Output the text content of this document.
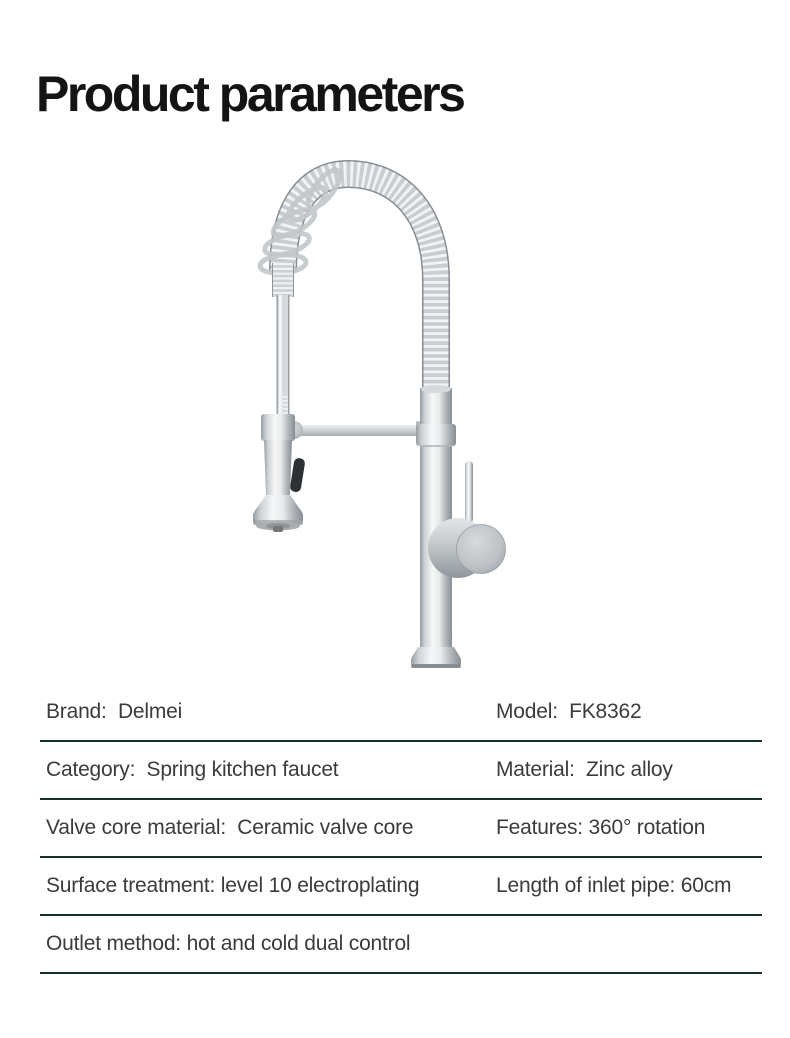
Product parameters
Brand:  Delmei	Model:  FK8362
Category:  Spring kitchen faucet	Material:  Zinc alloy
Valve core material:  Ceramic valve core	Features: 360° rotation
Surface treatment: level 10 electroplating	Length of inlet pipe: 60cm
Outlet method: hot and cold dual control
